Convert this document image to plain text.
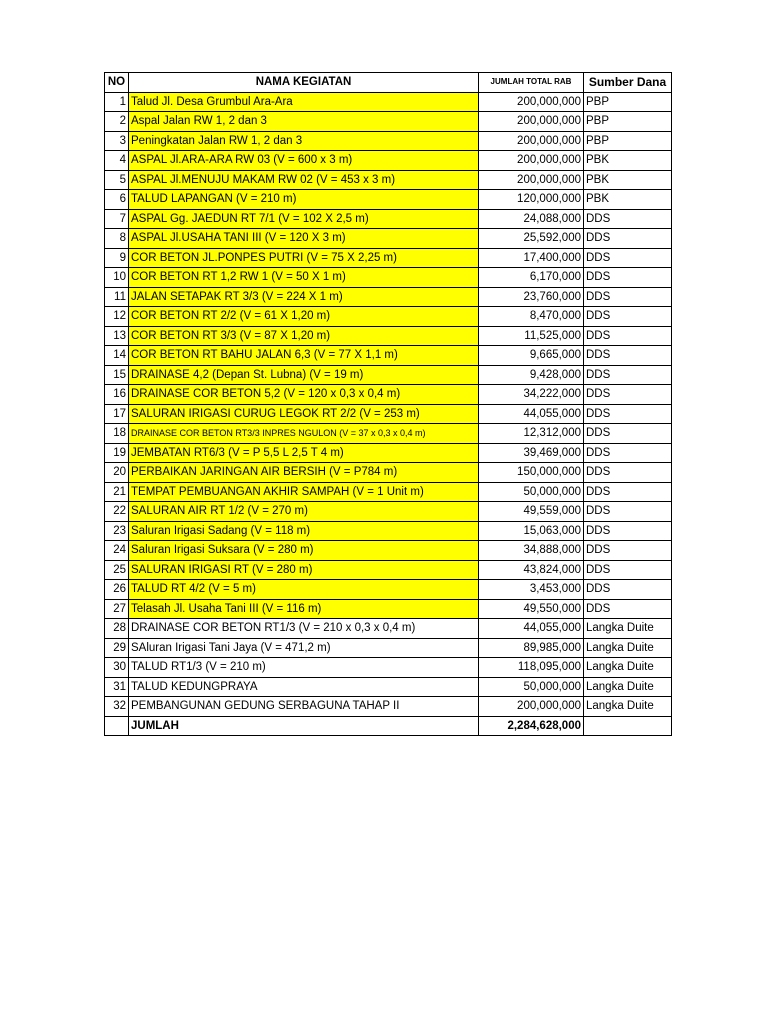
NO	NAMA KEGIATAN	JUMLAH TOTAL RAB	Sumber Dana
1	Talud Jl. Desa Grumbul Ara-Ara	200,000,000	PBP
2	Aspal Jalan RW 1, 2 dan 3	200,000,000	PBP
3	Peningkatan Jalan RW 1, 2 dan 3	200,000,000	PBP
4	ASPAL Jl.ARA-ARA RW 03 (V = 600 x 3 m)	200,000,000	PBK
5	ASPAL Jl.MENUJU MAKAM RW 02 (V = 453 x 3 m)	200,000,000	PBK
6	TALUD LAPANGAN (V = 210 m)	120,000,000	PBK
7	ASPAL Gg. JAEDUN RT 7/1 (V = 102 X 2,5 m)	24,088,000	DDS
8	ASPAL Jl.USAHA TANI III (V = 120 X 3 m)	25,592,000	DDS
9	COR BETON JL.PONPES PUTRI (V = 75 X 2,25 m)	17,400,000	DDS
10	COR BETON RT 1,2 RW 1 (V = 50 X 1 m)	6,170,000	DDS
11	JALAN SETAPAK RT 3/3 (V = 224 X 1 m)	23,760,000	DDS
12	COR BETON RT 2/2 (V = 61 X 1,20 m)	8,470,000	DDS
13	COR BETON RT 3/3 (V = 87 X 1,20 m)	11,525,000	DDS
14	COR BETON RT BAHU JALAN 6,3 (V = 77 X 1,1 m)	9,665,000	DDS
15	DRAINASE 4,2 (Depan St. Lubna) (V = 19 m)	9,428,000	DDS
16	DRAINASE COR BETON 5,2 (V = 120 x 0,3 x 0,4 m)	34,222,000	DDS
17	SALURAN IRIGASI CURUG LEGOK RT 2/2 (V = 253 m)	44,055,000	DDS
18	DRAINASE COR BETON RT3/3 INPRES NGULON (V = 37 x 0,3 x 0,4 m)	12,312,000	DDS
19	JEMBATAN RT6/3 (V = P 5,5 L 2,5 T 4 m)	39,469,000	DDS
20	PERBAIKAN JARINGAN AIR BERSIH (V = P784 m)	150,000,000	DDS
21	TEMPAT PEMBUANGAN AKHIR SAMPAH (V = 1 Unit m)	50,000,000	DDS
22	SALURAN AIR RT 1/2 (V = 270 m)	49,559,000	DDS
23	Saluran Irigasi Sadang (V = 118 m)	15,063,000	DDS
24	Saluran Irigasi Suksara (V = 280 m)	34,888,000	DDS
25	SALURAN IRIGASI RT (V = 280 m)	43,824,000	DDS
26	TALUD RT 4/2 (V = 5 m)	3,453,000	DDS
27	Telasah Jl. Usaha Tani III (V = 116 m)	49,550,000	DDS
28	DRAINASE COR BETON RT1/3 (V = 210 x 0,3 x 0,4 m)	44,055,000	Langka Duite
29	SAluran Irigasi Tani Jaya (V = 471,2 m)	89,985,000	Langka Duite
30	TALUD RT1/3 (V = 210 m)	118,095,000	Langka Duite
31	TALUD KEDUNGPRAYA	50,000,000	Langka Duite
32	PEMBANGUNAN GEDUNG SERBAGUNA TAHAP II	200,000,000	Langka Duite
	JUMLAH	2,284,628,000	
